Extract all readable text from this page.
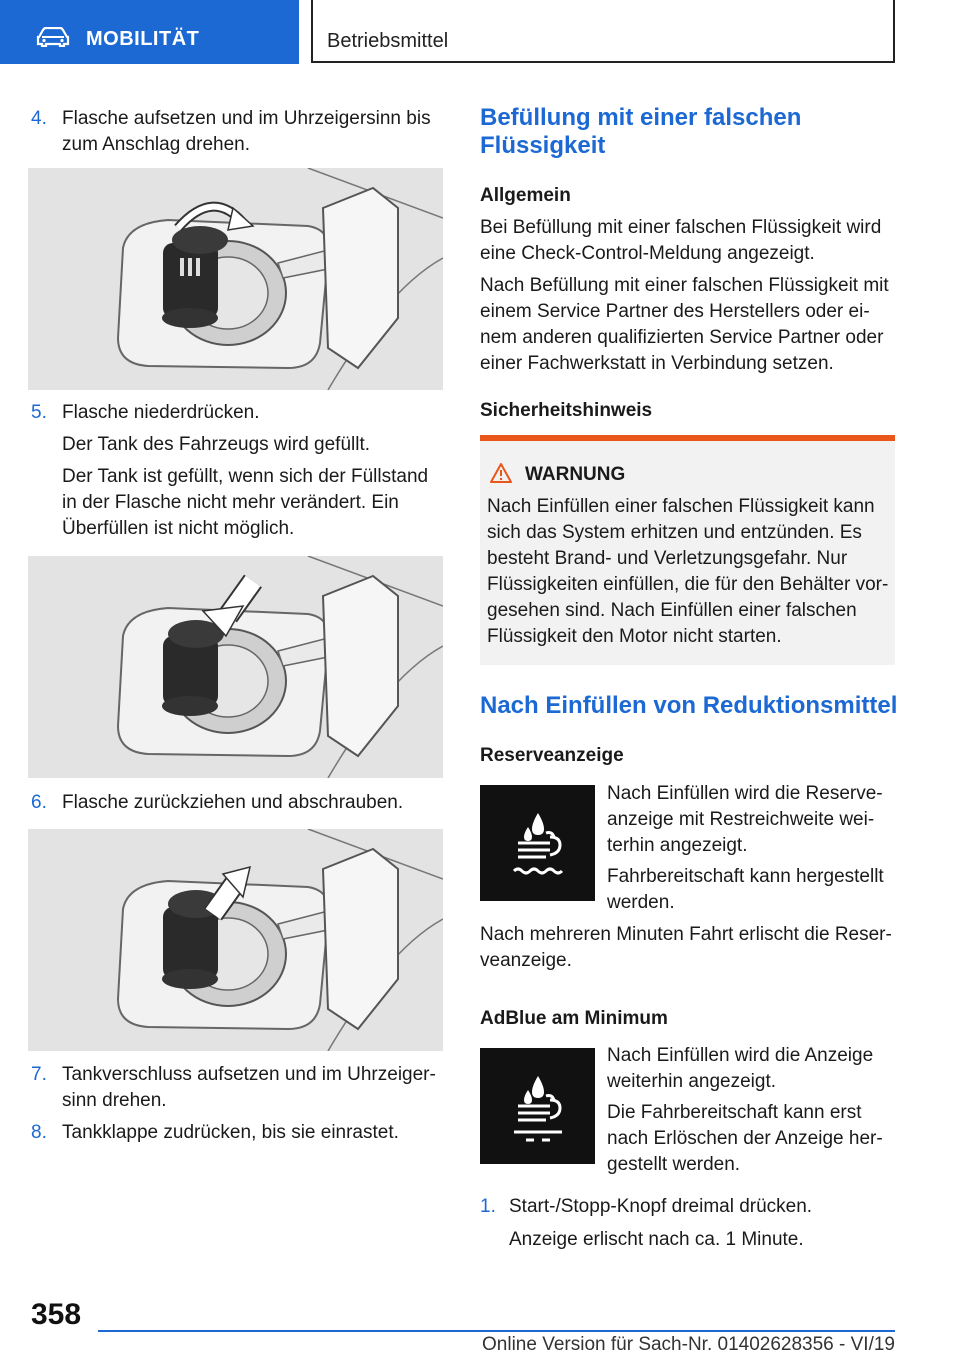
MOBILITÄT	Betriebsmittel
4. Flasche aufsetzen und im Uhrzeigersinn bis
zum Anschlag drehen.
5. Flasche niederdrücken.
Der Tank des Fahrzeugs wird gefüllt.
Der Tank ist gefüllt, wenn sich der Füllstand
in der Flasche nicht mehr verändert. Ein
Überfüllen ist nicht möglich.
6. Flasche zurückziehen und abschrauben.
7. Tankverschluss aufsetzen und im Uhrzeiger-
sinn drehen.
8. Tankklappe zudrücken, bis sie einrastet.
Befüllung mit einer falschen
Flüssigkeit
Allgemein
Bei Befüllung mit einer falschen Flüssigkeit wird
eine Check-Control-Meldung angezeigt.
Nach Befüllung mit einer falschen Flüssigkeit mit
einem Service Partner des Herstellers oder ei-
nem anderen qualifizierten Service Partner oder
einer Fachwerkstatt in Verbindung setzen.
Sicherheitshinweis
WARNUNG
Nach Einfüllen einer falschen Flüssigkeit kann
sich das System erhitzen und entzünden. Es
besteht Brand- und Verletzungsgefahr. Nur
Flüssigkeiten einfüllen, die für den Behälter vor-
gesehen sind. Nach Einfüllen einer falschen
Flüssigkeit den Motor nicht starten.
Nach Einfüllen von Reduktionsmittel
Reserveanzeige
Nach Einfüllen wird die Reserve-
anzeige mit Restreichweite wei-
terhin angezeigt.
Fahrbereitschaft kann hergestellt
werden.
Nach mehreren Minuten Fahrt erlischt die Reser-
veanzeige.
AdBlue am Minimum
Nach Einfüllen wird die Anzeige
weiterhin angezeigt.
Die Fahrbereitschaft kann erst
nach Erlöschen der Anzeige her-
gestellt werden.
1. Start-/Stopp-Knopf dreimal drücken.
Anzeige erlischt nach ca. 1 Minute.
358
Online Version für Sach-Nr. 01402628356 - VI/19
